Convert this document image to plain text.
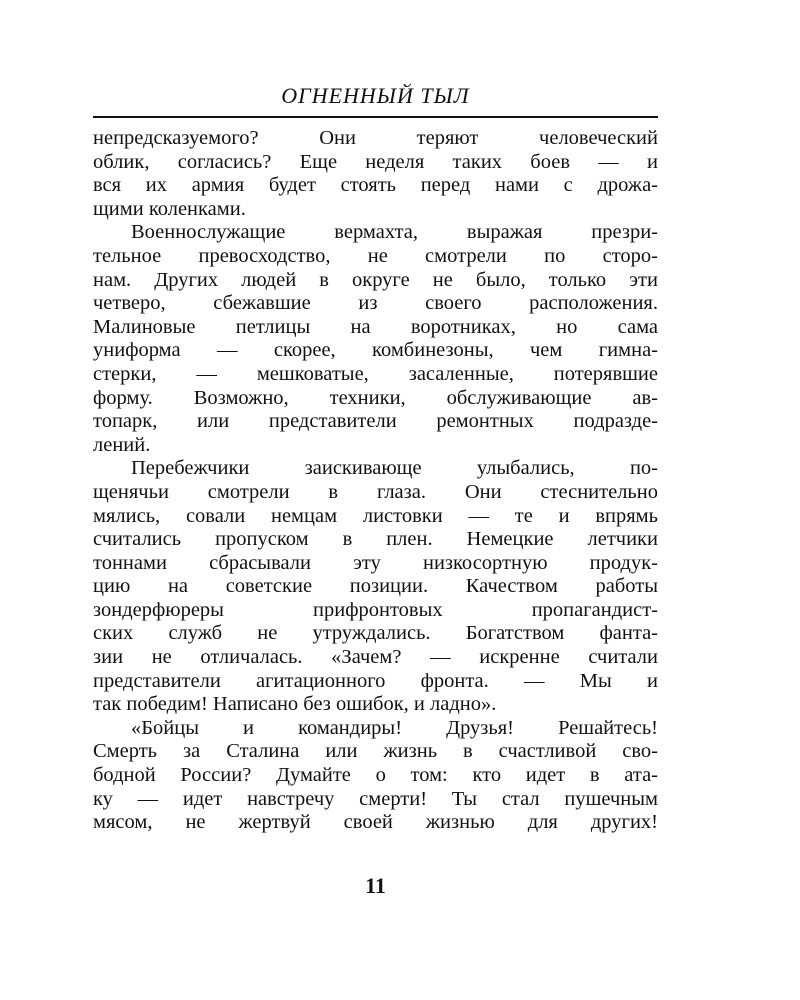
ОГНЕННЫЙ ТЫЛ
непредсказуемого? Они теряют человеческий
облик, согласись? Еще неделя таких боев — и
вся их армия будет стоять перед нами с дрожа-
щими коленками.
Военнослужащие вермахта, выражая презри-
тельное превосходство, не смотрели по сторо-
нам. Других людей в округе не было, только эти
четверо, сбежавшие из своего расположения.
Малиновые петлицы на воротниках, но сама
униформа — скорее, комбинезоны, чем гимна-
стерки, — мешковатые, засаленные, потерявшие
форму. Возможно, техники, обслуживающие ав-
топарк, или представители ремонтных подразде-
лений.
Перебежчики заискивающе улыбались, по-
щенячьи смотрели в глаза. Они стеснительно
мялись, совали немцам листовки — те и впрямь
считались пропуском в плен. Немецкие летчики
тоннами сбрасывали эту низкосортную продук-
цию на советские позиции. Качеством работы
зондерфюреры прифронтовых пропагандист-
ских служб не утруждались. Богатством фанта-
зии не отличалась. «Зачем? — искренне считали
представители агитационного фронта. — Мы и
так победим! Написано без ошибок, и ладно».
«Бойцы и командиры! Друзья! Решайтесь!
Смерть за Сталина или жизнь в счастливой сво-
бодной России? Думайте о том: кто идет в ата-
ку — идет навстречу смерти! Ты стал пушечным
мясом, не жертвуй своей жизнью для других!
11
